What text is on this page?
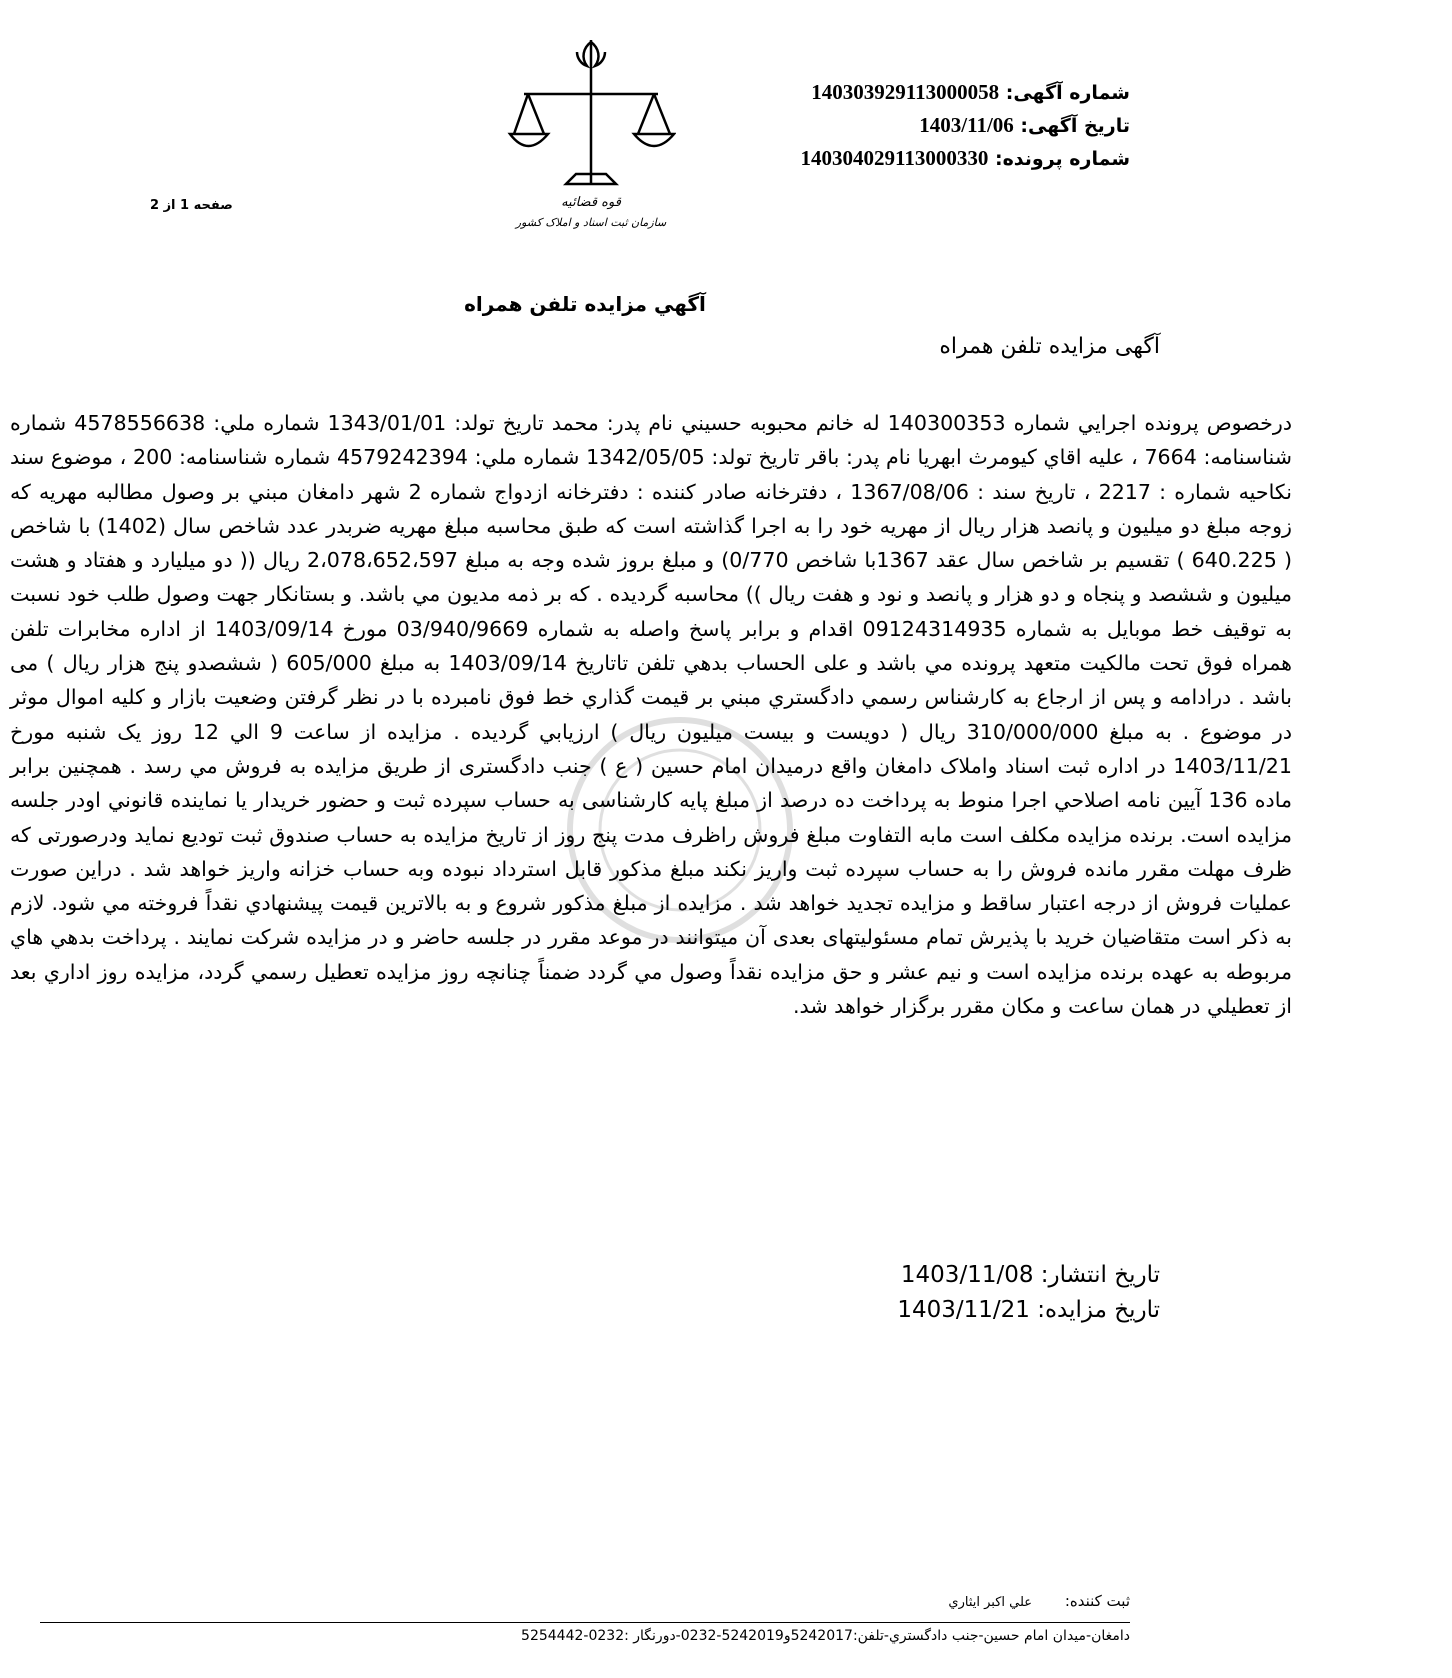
قوه قضائیه
سازمان ثبت اسناد و املاک کشور
شماره آگهی: 140303929113000058
تاریخ آگهی: 1403/11/06
شماره پرونده: 140304029113000330
صفحه 1 از 2
آگهي مزايده تلفن همراه
آگهی مزایده تلفن همراه
درخصوص پرونده اجرايي شماره 140300353 له خانم محبوبه حسيني نام پدر: محمد تاريخ تولد: 1343/01/01 شماره ملي: 4578556638 شماره شناسنامه: 7664 ، عليه اقاي كيومرث ابهريا نام پدر: باقر تاريخ تولد: 1342/05/05 شماره ملي: 4579242394 شماره شناسنامه: 200 ، موضوع سند نكاحيه شماره : 2217 ، تاريخ سند : 1367/08/06 ، دفترخانه صادر كننده : دفترخانه ازدواج شماره 2 شهر دامغان مبني بر وصول مطالبه مهريه كه زوجه مبلغ دو ميليون و پانصد هزار ريال از مهريه خود را به اجرا گذاشته است كه طبق محاسبه مبلغ مهريه ضربدر عدد شاخص سال (1402) با شاخص ( 640.225 ) تقسيم بر شاخص سال عقد 1367با شاخص 0/770) و مبلغ بروز شده وجه به مبلغ 2،078،652،597 ريال (( دو ميليارد و هفتاد و هشت ميليون و ششصد و پنجاه و دو هزار و پانصد و نود و هفت ريال )) محاسبه گرديده . كه بر ذمه مديون مي باشد. و بستانكار جهت وصول طلب خود نسبت به توقيف خط موبايل به شماره 09124314935 اقدام و برابر پاسخ واصله به شماره 03/940/9669 مورخ 1403/09/14 از اداره مخابرات تلفن همراه فوق تحت مالكيت متعهد پرونده مي باشد و علی الحساب بدهي تلفن تاتاريخ 1403/09/14 به مبلغ 605/000 ( ششصدو پنج هزار ريال ) می باشد . درادامه و پس از ارجاع به كارشناس رسمي دادگستري مبني بر قيمت گذاري خط فوق نامبرده با در نظر گرفتن وضعيت بازار و كليه اموال موثر در موضوع . به مبلغ 310/000/000 ريال ( دويست و بيست ميليون ريال ) ارزيابي گرديده . مزايده از ساعت 9 الي 12 روز يک شنبه مورخ 1403/11/21 در اداره ثبت اسناد واملاک دامغان واقع درميدان امام حسين ( ع ) جنب دادگستری از طريق مزايده به فروش مي رسد . همچنين برابر ماده 136 آيين نامه اصلاحي اجرا منوط به پرداخت ده درصد از مبلغ پايه كارشناسی به حساب سپرده ثبت و حضور خريدار يا نماينده قانوني اودر جلسه مزايده است. برنده مزايده مكلف است مابه التفاوت مبلغ فروش راظرف مدت پنج روز از تاريخ مزايده به حساب صندوق ثبت توديع نمايد ودرصورتی كه ظرف مهلت مقرر مانده فروش را به حساب سپرده ثبت واريز نكند مبلغ مذكور قابل استرداد نبوده وبه حساب خزانه واريز خواهد شد . دراين صورت عمليات فروش از درجه اعتبار ساقط و مزايده تجديد خواهد شد . مزايده از مبلغ مذكور شروع و به بالاترين قيمت پيشنهادي نقداً فروخته مي شود. لازم به ذكر است متقاضيان خريد با پذيرش تمام مسئوليتهای بعدی آن ميتوانند در موعد مقرر در جلسه حاضر و در مزايده شركت نمايند . پرداخت بدهي هاي مربوطه به عهده برنده مزايده است و نيم عشر و حق مزايده نقداً وصول مي گردد ضمناً چنانچه روز مزايده تعطيل رسمي گردد، مزايده روز اداري بعد از تعطيلي در همان ساعت و مكان مقرر برگزار خواهد شد.
تاریخ انتشار: 1403/11/08
تاریخ مزایده: 1403/11/21
ثبت كننده: علي اكبر ايثاري
دامغان-ميدان امام حسين-جنب دادگستري-تلفن:5242017و5242019-0232-دورنگار :0232-5254442
